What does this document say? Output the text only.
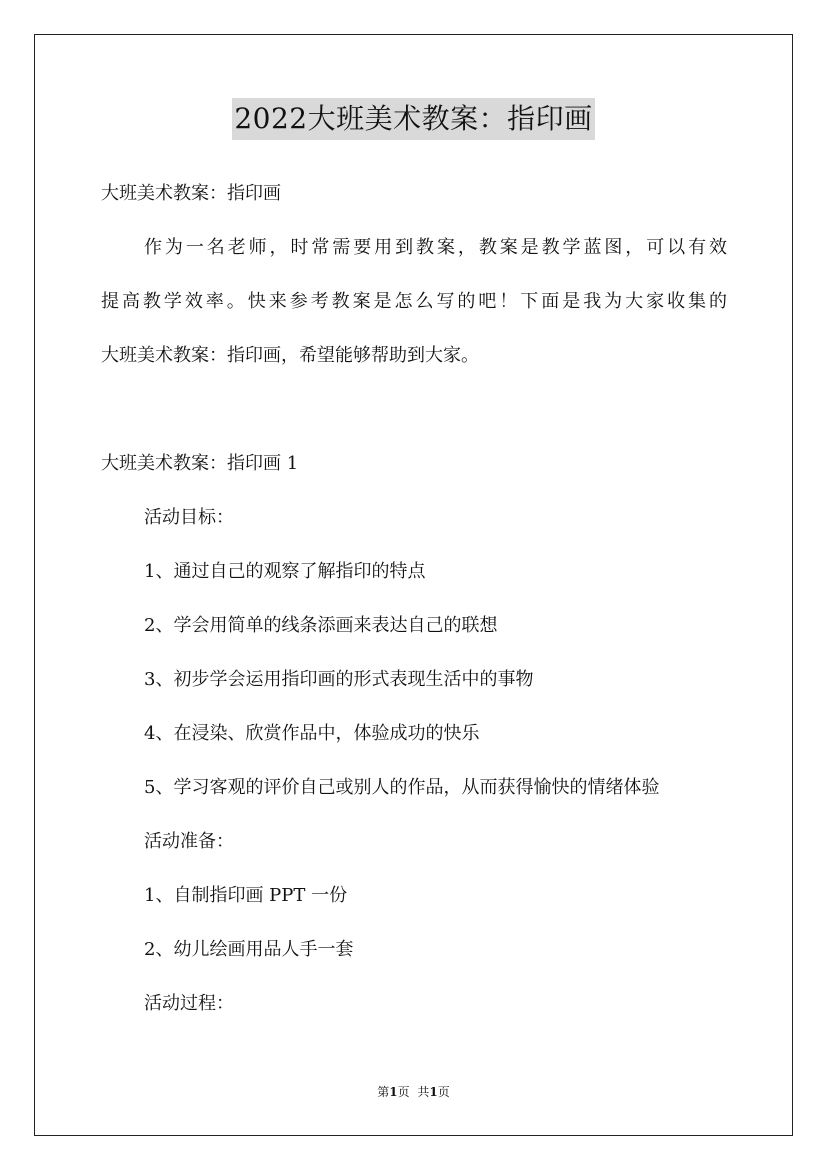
2022大班美术教案：指印画
大班美术教案：指印画
作为一名老师，时常需要用到教案，教案是教学蓝图，可以有效
提高教学效率。快来参考教案是怎么写的吧！下面是我为大家收集的
大班美术教案：指印画，希望能够帮助到大家。
大班美术教案：指印画 1
活动目标：
1、通过自己的观察了解指印的特点
2、学会用简单的线条添画来表达自己的联想
3、初步学会运用指印画的形式表现生活中的事物
4、在浸染、欣赏作品中，体验成功的快乐
5、学习客观的评价自己或别人的作品，从而获得愉快的情绪体验
活动准备：
1、自制指印画 PPT 一份
2、幼儿绘画用品人手一套
活动过程：
第1页 共1页
